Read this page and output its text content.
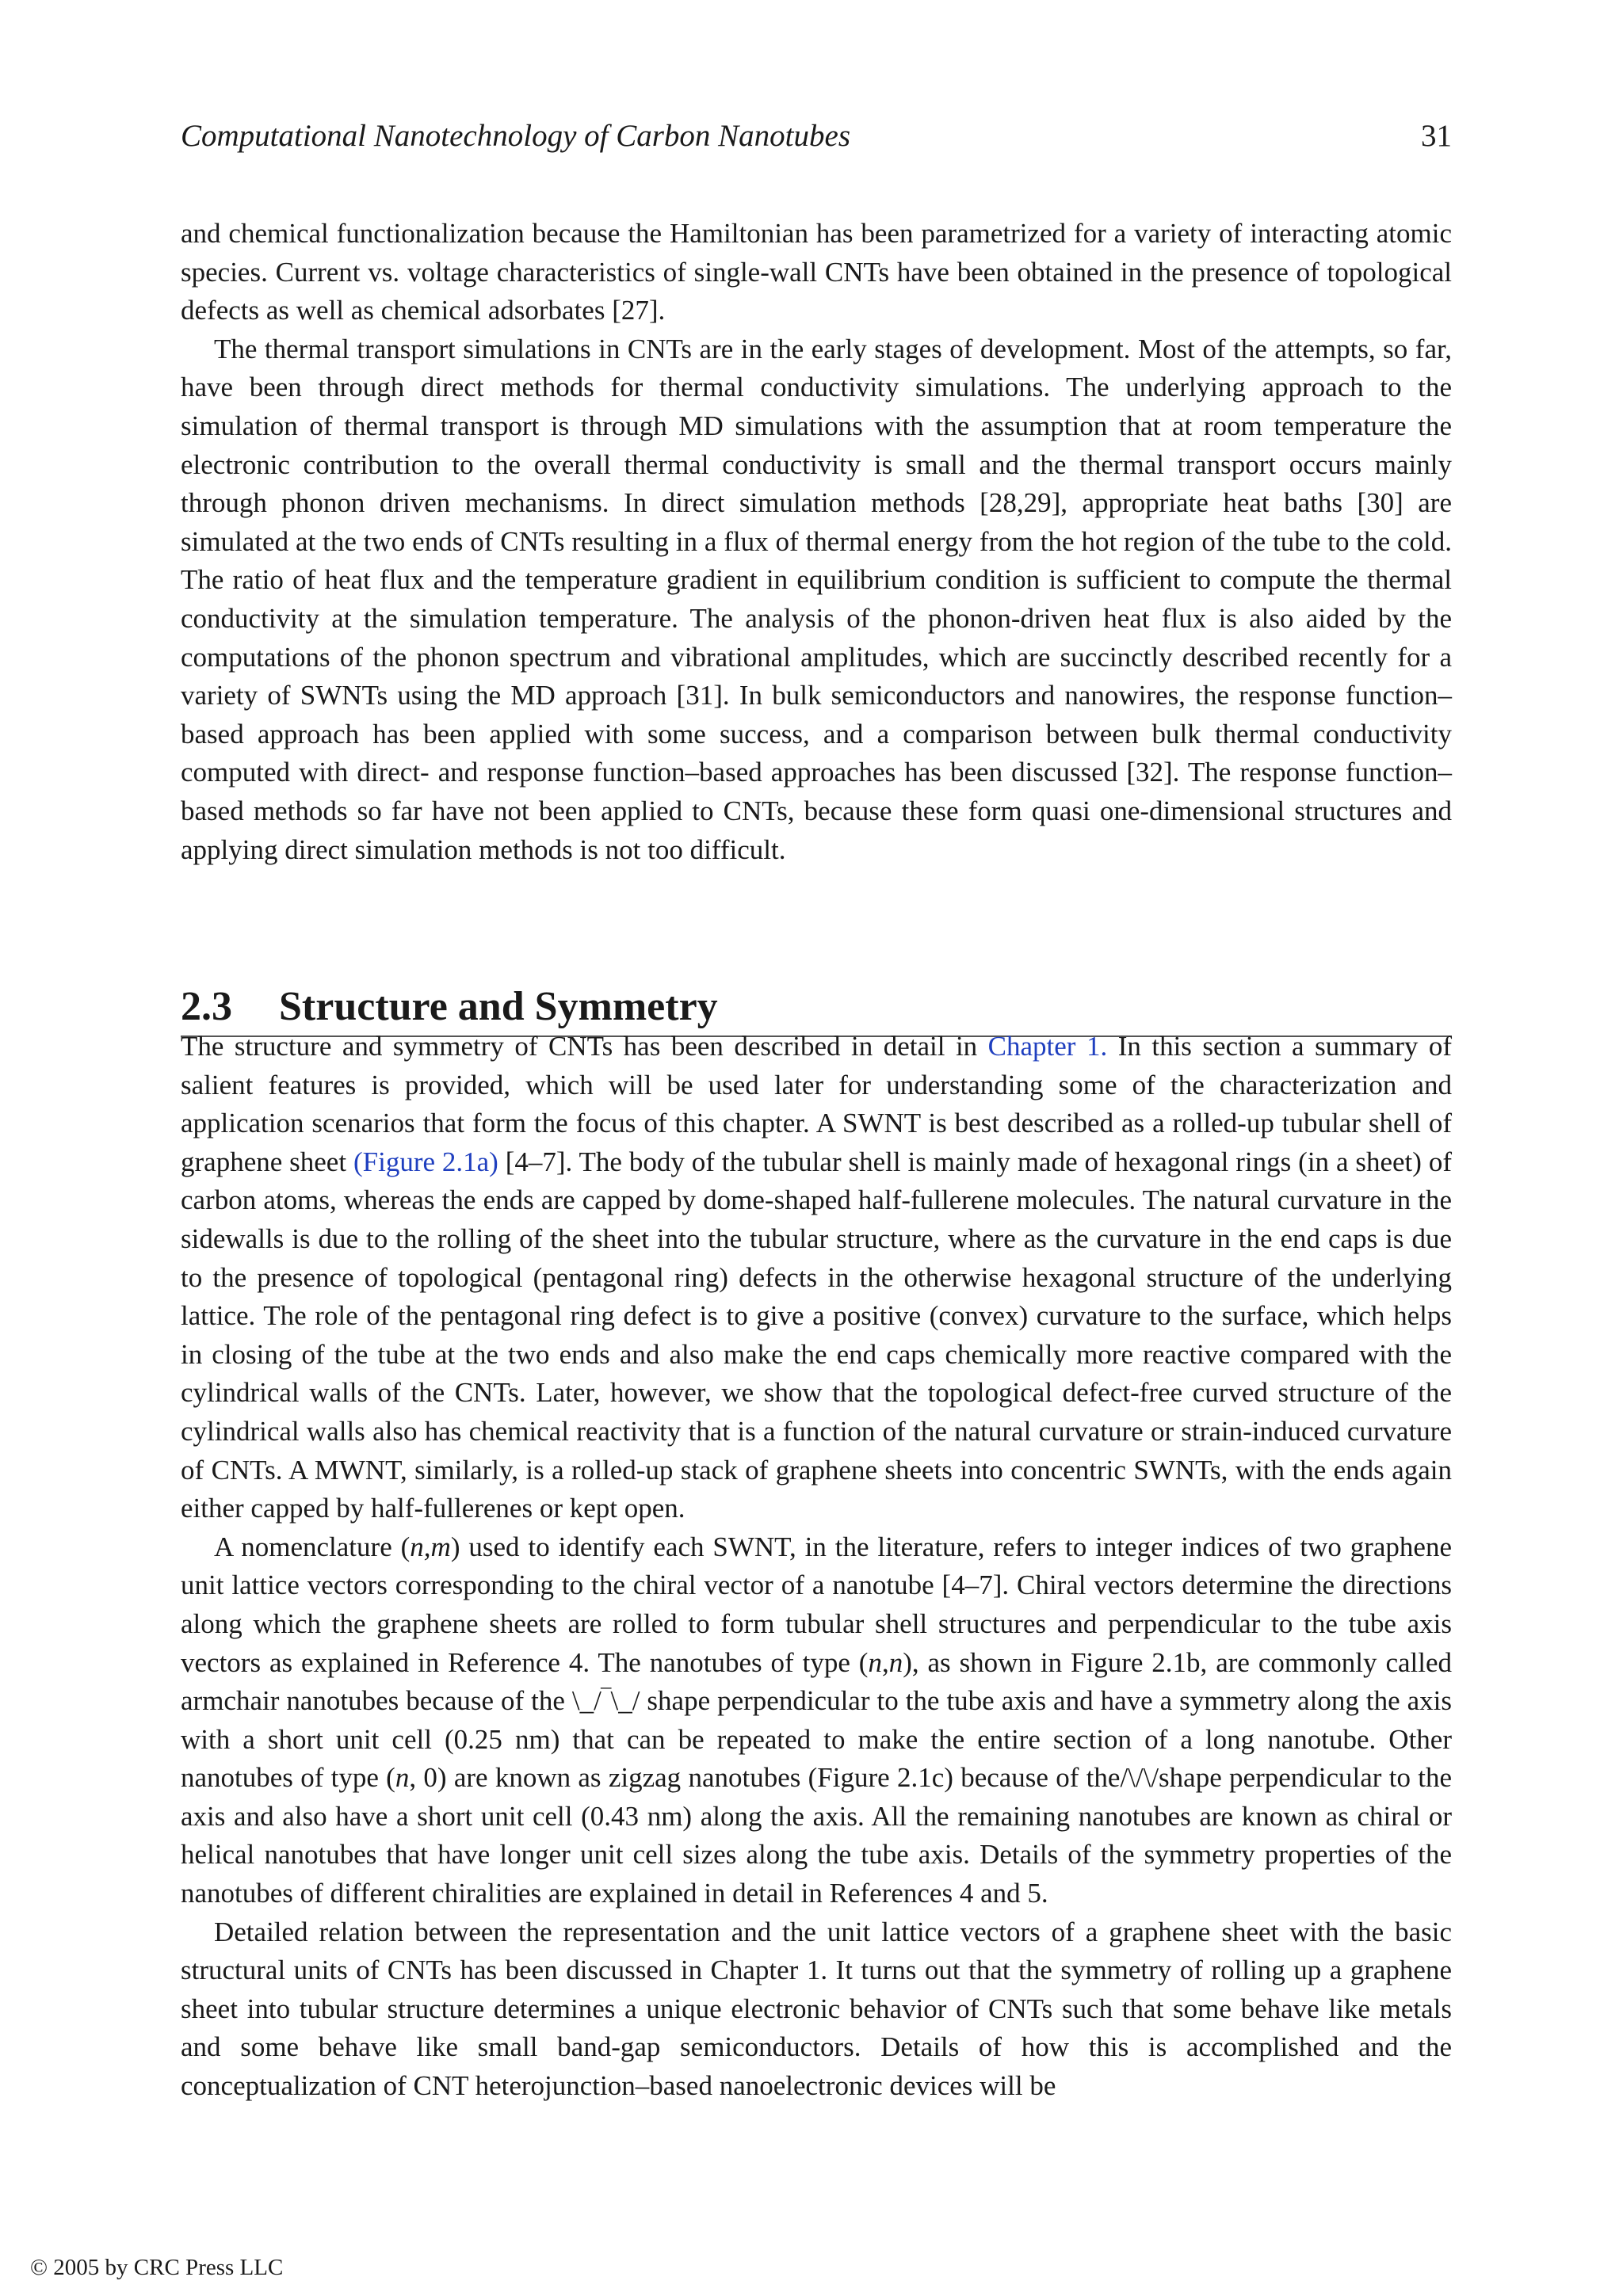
Computational Nanotechnology of Carbon Nanotubes	31

and chemical functionalization because the Hamiltonian has been parametrized for a variety of interacting atomic species. Current vs. voltage characteristics of single-wall CNTs have been obtained in the presence of topological defects as well as chemical adsorbates [27].

The thermal transport simulations in CNTs are in the early stages of development. Most of the attempts, so far, have been through direct methods for thermal conductivity simulations. The underlying approach to the simulation of thermal transport is through MD simulations with the assumption that at room temperature the electronic contribution to the overall thermal conductivity is small and the thermal transport occurs mainly through phonon driven mechanisms. In direct simulation methods [28,29], appropriate heat baths [30] are simulated at the two ends of CNTs resulting in a flux of thermal energy from the hot region of the tube to the cold. The ratio of heat flux and the temperature gradient in equilibrium condition is sufficient to compute the thermal conductivity at the simulation temperature. The analysis of the phonon-driven heat flux is also aided by the computations of the phonon spectrum and vibrational amplitudes, which are succinctly described recently for a variety of SWNTs using the MD approach [31]. In bulk semiconductors and nanowires, the response function–based approach has been applied with some success, and a comparison between bulk thermal conductivity computed with direct- and response function–based approaches has been discussed [32]. The response function–based methods so far have not been applied to CNTs, because these form quasi one-dimensional structures and applying direct simulation methods is not too difficult.

2.3 Structure and Symmetry

The structure and symmetry of CNTs has been described in detail in Chapter 1. In this section a summary of salient features is provided, which will be used later for understanding some of the characterization and application scenarios that form the focus of this chapter. A SWNT is best described as a rolled-up tubular shell of graphene sheet (Figure 2.1a) [4–7]. The body of the tubular shell is mainly made of hexagonal rings (in a sheet) of carbon atoms, whereas the ends are capped by dome-shaped half-fullerene molecules. The natural curvature in the sidewalls is due to the rolling of the sheet into the tubular structure, where as the curvature in the end caps is due to the presence of topological (pentagonal ring) defects in the otherwise hexagonal structure of the underlying lattice. The role of the pentagonal ring defect is to give a positive (convex) curvature to the surface, which helps in closing of the tube at the two ends and also make the end caps chemically more reactive compared with the cylindrical walls of the CNTs. Later, however, we show that the topological defect-free curved structure of the cylindrical walls also has chemical reactivity that is a function of the natural curvature or strain-induced curvature of CNTs. A MWNT, similarly, is a rolled-up stack of graphene sheets into concentric SWNTs, with the ends again either capped by half-fullerenes or kept open.

A nomenclature (n,m) used to identify each SWNT, in the literature, refers to integer indices of two graphene unit lattice vectors corresponding to the chiral vector of a nanotube [4–7]. Chiral vectors determine the directions along which the graphene sheets are rolled to form tubular shell structures and perpendicular to the tube axis vectors as explained in Reference 4. The nanotubes of type (n,n), as shown in Figure 2.1b, are commonly called armchair nanotubes because of the \_/‾\_/ shape perpendicular to the tube axis and have a symmetry along the axis with a short unit cell (0.25 nm) that can be repeated to make the entire section of a long nanotube. Other nanotubes of type (n, 0) are known as zigzag nanotubes (Figure 2.1c) because of the/\/\/shape perpendicular to the axis and also have a short unit cell (0.43 nm) along the axis. All the remaining nanotubes are known as chiral or helical nanotubes that have longer unit cell sizes along the tube axis. Details of the symmetry properties of the nanotubes of different chiralities are explained in detail in References 4 and 5.

Detailed relation between the representation and the unit lattice vectors of a graphene sheet with the basic structural units of CNTs has been discussed in Chapter 1. It turns out that the symmetry of rolling up a graphene sheet into tubular structure determines a unique electronic behavior of CNTs such that some behave like metals and some behave like small band-gap semiconductors. Details of how this is accomplished and the conceptualization of CNT heterojunction–based nanoelectronic devices will be

© 2005 by CRC Press LLC
